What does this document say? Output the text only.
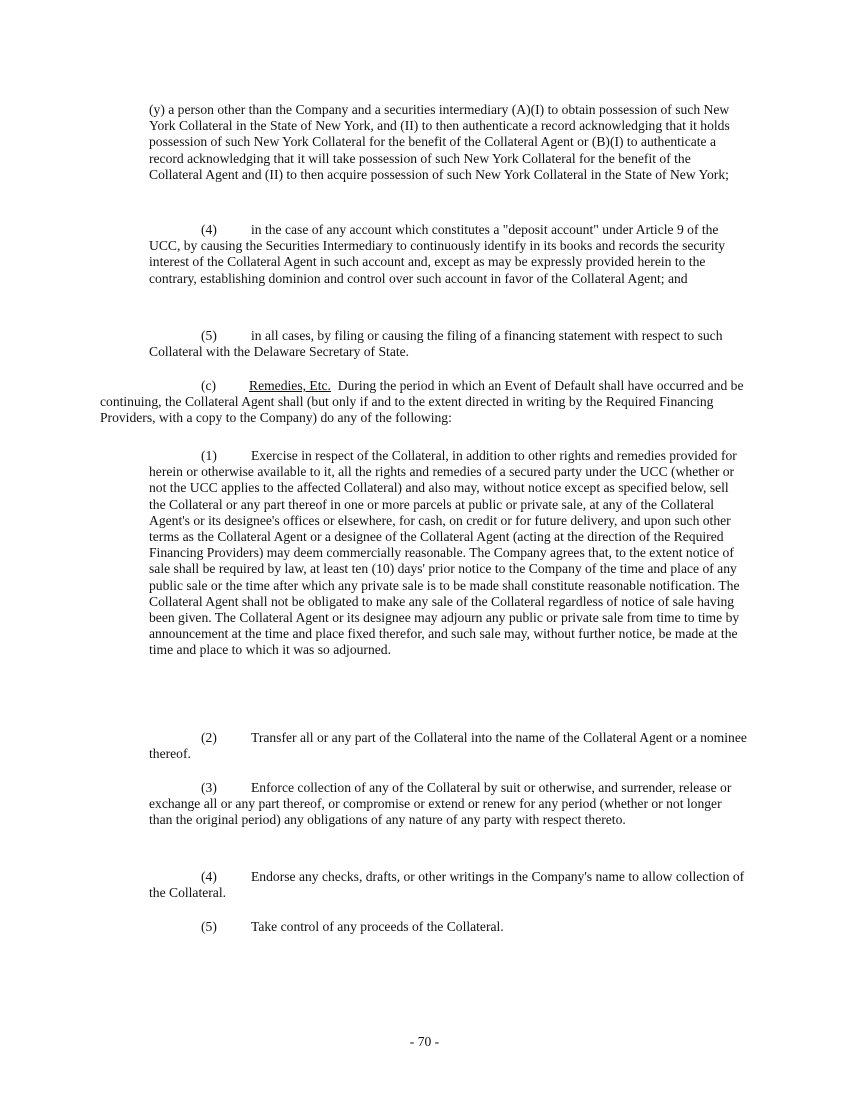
(y) a person other than the Company and a securities intermediary (A)(I) to obtain possession of such New York Collateral in the State of New York, and (II) to then authenticate a record acknowledging that it holds possession of such New York Collateral for the benefit of the Collateral Agent or (B)(I) to authenticate a record acknowledging that it will take possession of such New York Collateral for the benefit of the Collateral Agent and (II) to then acquire possession of such New York Collateral in the State of New York;

(4)	in the case of any account which constitutes a "deposit account" under Article 9 of the UCC, by causing the Securities Intermediary to continuously identify in its books and records the security interest of the Collateral Agent in such account and, except as may be expressly provided herein to the contrary, establishing dominion and control over such account in favor of the Collateral Agent; and

(5)	in all cases, by filing or causing the filing of a financing statement with respect to such Collateral with the Delaware Secretary of State.

(c) Remedies, Etc. During the period in which an Event of Default shall have occurred and be continuing, the Collateral Agent shall (but only if and to the extent directed in writing by the Required Financing Providers, with a copy to the Company) do any of the following:

(1)	Exercise in respect of the Collateral, in addition to other rights and remedies provided for herein or otherwise available to it, all the rights and remedies of a secured party under the UCC (whether or not the UCC applies to the affected Collateral) and also may, without notice except as specified below, sell the Collateral or any part thereof in one or more parcels at public or private sale, at any of the Collateral Agent's or its designee's offices or elsewhere, for cash, on credit or for future delivery, and upon such other terms as the Collateral Agent or a designee of the Collateral Agent (acting at the direction of the Required Financing Providers) may deem commercially reasonable. The Company agrees that, to the extent notice of sale shall be required by law, at least ten (10) days' prior notice to the Company of the time and place of any public sale or the time after which any private sale is to be made shall constitute reasonable notification. The Collateral Agent shall not be obligated to make any sale of the Collateral regardless of notice of sale having been given. The Collateral Agent or its designee may adjourn any public or private sale from time to time by announcement at the time and place fixed therefor, and such sale may, without further notice, be made at the time and place to which it was so adjourned.

(2)	Transfer all or any part of the Collateral into the name of the Collateral Agent or a nominee thereof.

(3)	Enforce collection of any of the Collateral by suit or otherwise, and surrender, release or exchange all or any part thereof, or compromise or extend or renew for any period (whether or not longer than the original period) any obligations of any nature of any party with respect thereto.

(4)	Endorse any checks, drafts, or other writings in the Company's name to allow collection of the Collateral.

(5)	Take control of any proceeds of the Collateral.

- 70 -
